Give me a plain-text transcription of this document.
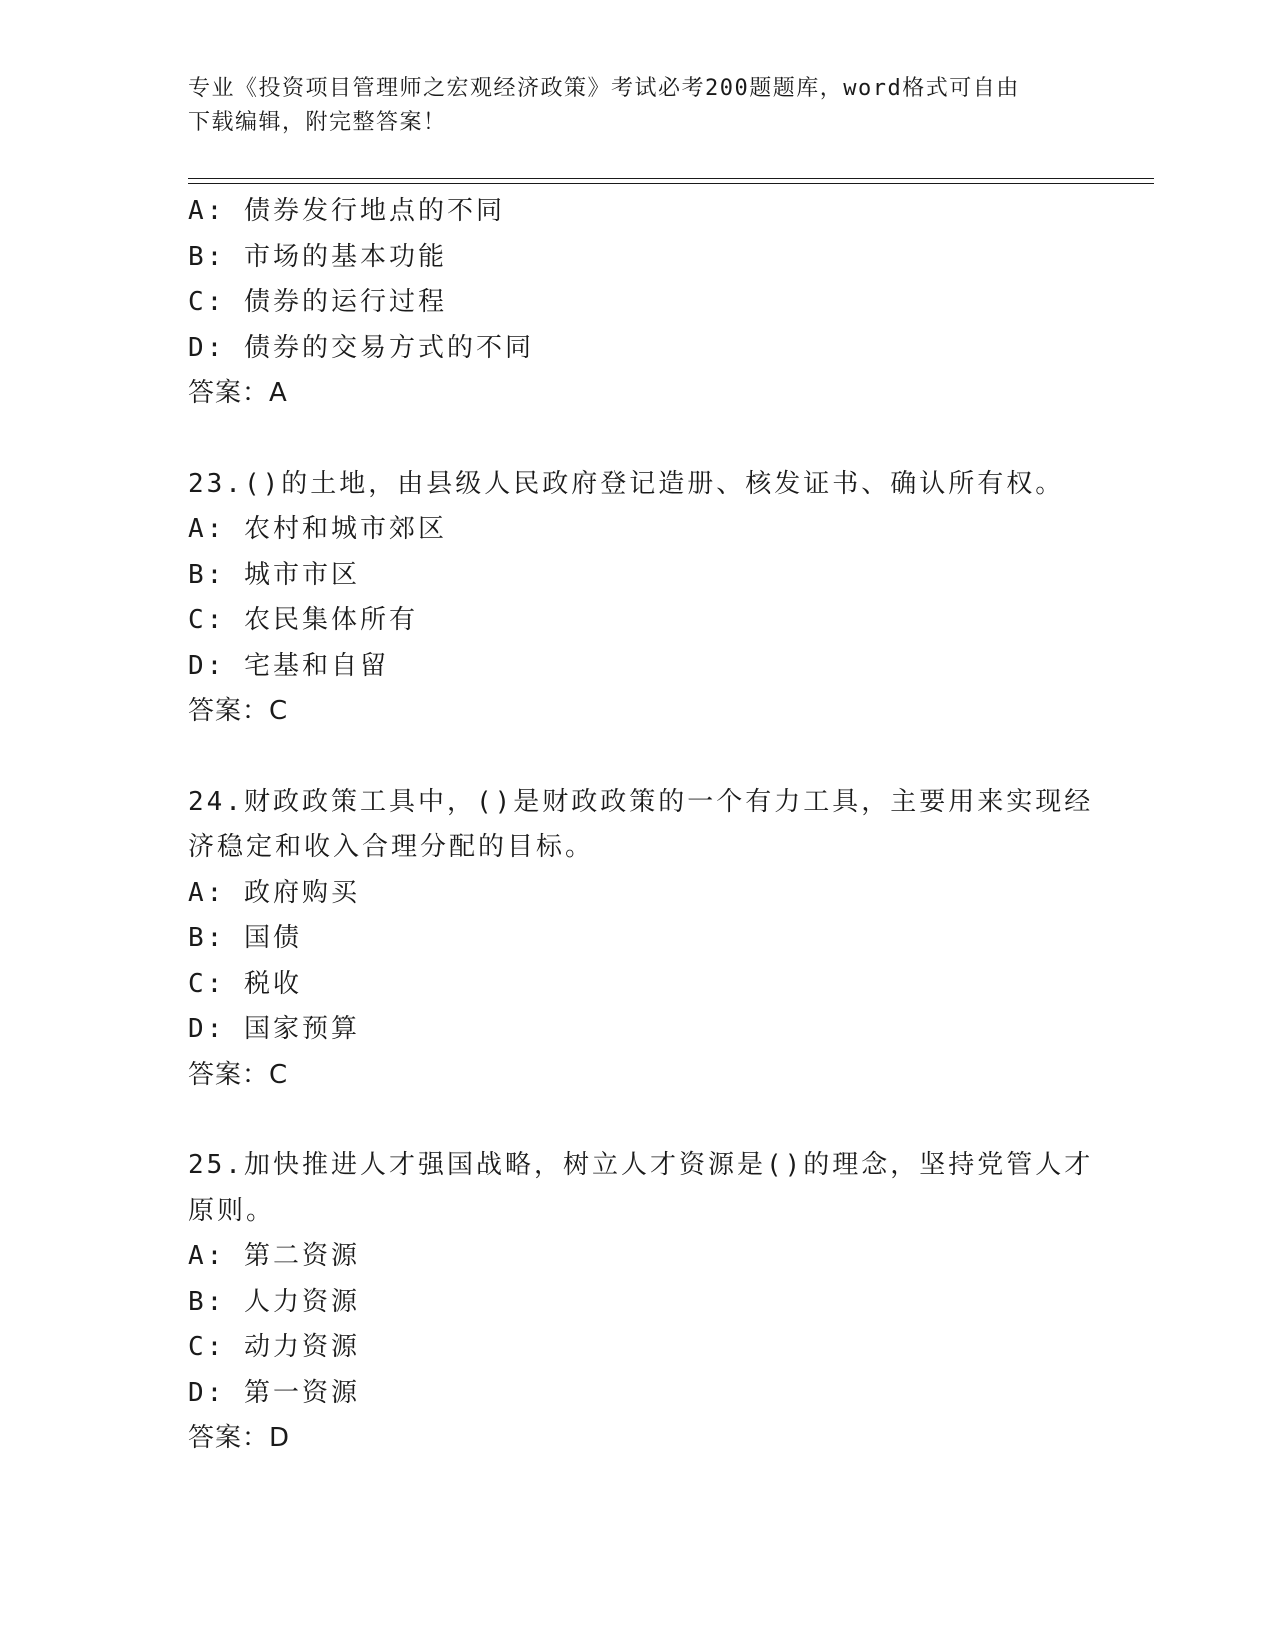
专业《投资项目管理师之宏观经济政策》考试必考200题题库，word格式可自由
下载编辑，附完整答案！
A: 债券发行地点的不同
B: 市场的基本功能
C: 债券的运行过程
D: 债券的交易方式的不同
答案：A
23.()的土地，由县级人民政府登记造册、核发证书、确认所有权。
A: 农村和城市郊区
B: 城市市区
C: 农民集体所有
D: 宅基和自留
答案：C
24.财政政策工具中，()是财政政策的一个有力工具，主要用来实现经
济稳定和收入合理分配的目标。
A: 政府购买
B: 国债
C: 税收
D: 国家预算
答案：C
25.加快推进人才强国战略，树立人才资源是()的理念，坚持党管人才
原则。
A: 第二资源
B: 人力资源
C: 动力资源
D: 第一资源
答案：D
